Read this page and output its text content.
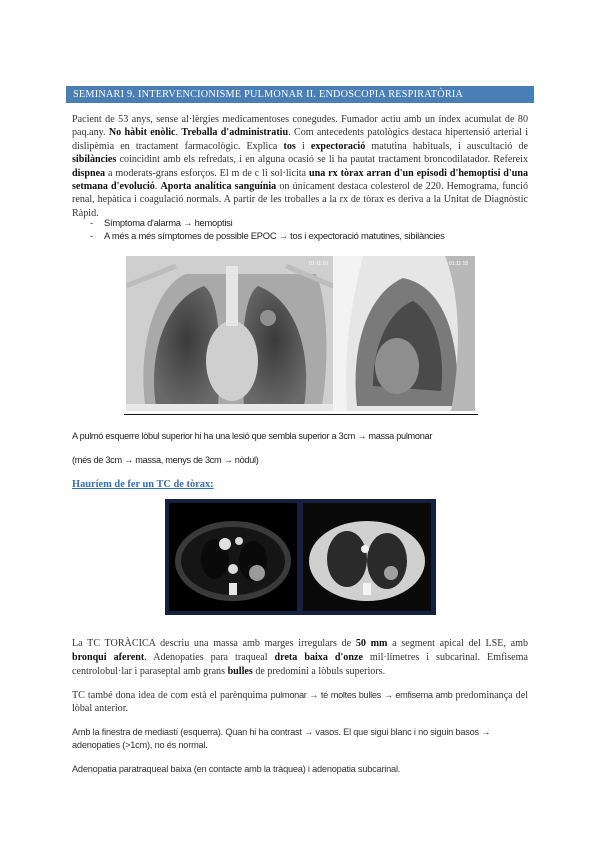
SEMINARI 9. INTERVENCIONISME PULMONAR II. ENDOSCOPIA RESPIRATÒRIA

Pacient de 53 anys, sense al·lèrgies medicamentoses conegudes. Fumador actiu amb un índex acumulat de 80 paq.any. No hàbit enòlic. Treballa d'administratiu. Com antecedents patològics destaca hipertensió arterial i dislipèmia en tractament farmacològic. Explica tos i expectoració matutina habituals, i auscultació de sibilàncies coincidint amb els refredats, i en alguna ocasió se li ha pautat tractament broncodilatador. Refereix dispnea a moderats-grans esforços. El m de c li sol·licita una rx tòrax arran d'un episodi d'hemoptisi d'una setmana d'evolució. Aporta analítica sanguínia on únicament destaca colesterol de 220. Hemograma, funció renal, hepàtica i coagulació normals. A partir de les troballes a la rx de tòrax es deriva a la Unitat de Diagnòstic Ràpid.

- Símptoma d'alarma → hemoptisi
- A més a més símptomes de possible EPOC → tos i expectoració matutines, sibilàncies
01:11:10	01:11:18
A pulmó esquerre lòbul superior hi ha una lesió que sembla superior a 3cm → massa pulmonar
(més de 3cm → massa, menys de 3cm → nòdul)
Hauríem de fer un TC de tòrax:

La TC TORÀCICA descriu una massa amb marges irregulars de 50 mm a segment apical del LSE, amb bronqui aferent. Adenopaties para traqueal dreta baixa d'onze mil·límetres i subcarinal. Emfisema centrolobul·lar i paraseptal amb grans bulles de predomini a lòbuls superiors.

TC també dona idea de com està el parènquima pulmonar → té moltes bulles → emfisema amb predominança del lòbal anterior.

Amb la finestra de mediastí (esquerra). Quan hi ha contrast → vasos. El que sigui blanc i no siguin basos → adenopaties (>1cm), no és normal.

Adenopatia paratraqueal baixa (en contacte amb la tràquea) i adenopatia subcarinal.
